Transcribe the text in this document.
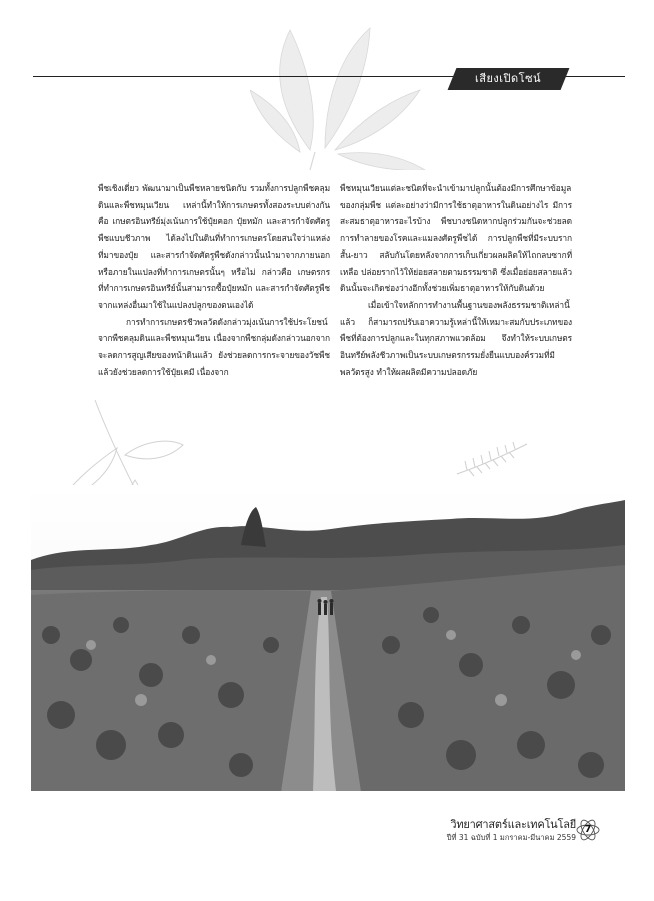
เสียงเปิดโซน์

พืชเชิงเดี่ยว พัฒนามาเป็นพืชหลายชนิดกับ รวมทั้งการปลูกพืชคลุมดินและพืชหมุนเวียน เหล่านี้ทำให้การเกษตรทั้งสองระบบต่างกัน คือ เกษตรอินทรีย์มุ่งเน้นการใช้ปุ๋ยคอก ปุ๋ยหมัก และสารกำจัดศัตรูพืชแบบชีวภาพ ได้ลงไปในดินที่ทำการเกษตรโดยสนใจว่าแหล่งที่มาของปุ๋ย และสารกำจัดศัตรูพืชดังกล่าวนั้นนำมาจากภายนอก หรือภายในแปลงที่ทำการเกษตรนั้นๆ หรือไม่ กล่าวคือ เกษตรกรที่ทำการเกษตรอินทรีย์นั้นสามารถซื้อปุ๋ยหมัก และสารกำจัดศัตรูพืชจากแหล่งอื่นมาใช้ในแปลงปลูกของตนเองได้

การทำการเกษตรชีวพลวัตดังกล่าวมุ่งเน้นการใช้ประโยชน์จากพืชคลุมดินและพืชหมุนเวียน เนื่องจากพืชกลุ่มดังกล่าวนอกจากจะลดการสูญเสียของหน้าดินแล้ว ยังช่วยลดการกระจายของวัชพืช แล้วยังช่วยลดการใช้ปุ๋ยเคมี เนื่องจาก

พืชหมุนเวียนแต่ละชนิดที่จะนำเข้ามาปลูกนั้นต้องมีการศึกษาข้อมูลของกลุ่มพืช แต่ละอย่างว่ามีการใช้ธาตุอาหารในดินอย่างไร มีการสะสมธาตุอาหารอะไรบ้าง พืชบางชนิดหากปลูกร่วมกันจะช่วยลดการทำลายของโรคและแมลงศัตรูพืชได้ การปลูกพืชที่มีระบบรากสั้น-ยาว สลับกันโดยหลังจากการเก็บเกี่ยวผลผลิตให้ไถกลบซากที่เหลือ ปล่อยรากไว้ให้ย่อยสลายตามธรรมชาติ ซึ่งเมื่อย่อยสลายแล้วดินนั้นจะเกิดช่องว่างอีกทั้งช่วยเพิ่มธาตุอาหารให้กับดินด้วย

เมื่อเข้าใจหลักการทำงานพื้นฐานของพลังธรรมชาติเหล่านี้แล้ว ก็สามารถปรับเอาความรู้เหล่านี้ให้เหมาะสมกับประเภทของพืชที่ต้องการปลูกและในทุกสภาพแวดล้อม จึงทำให้ระบบเกษตรอินทรีย์พลังชีวภาพเป็นระบบเกษตรกรรมยั่งยืนแบบองค์รวมที่มีพลวัตรสูง ทำให้ผลผลิตมีความปลอดภัย

วิทยาศาสตร์และเทคโนโลยี
ปีที่ 31 ฉบับที่ 1 มกราคม-มีนาคม 2559
7
